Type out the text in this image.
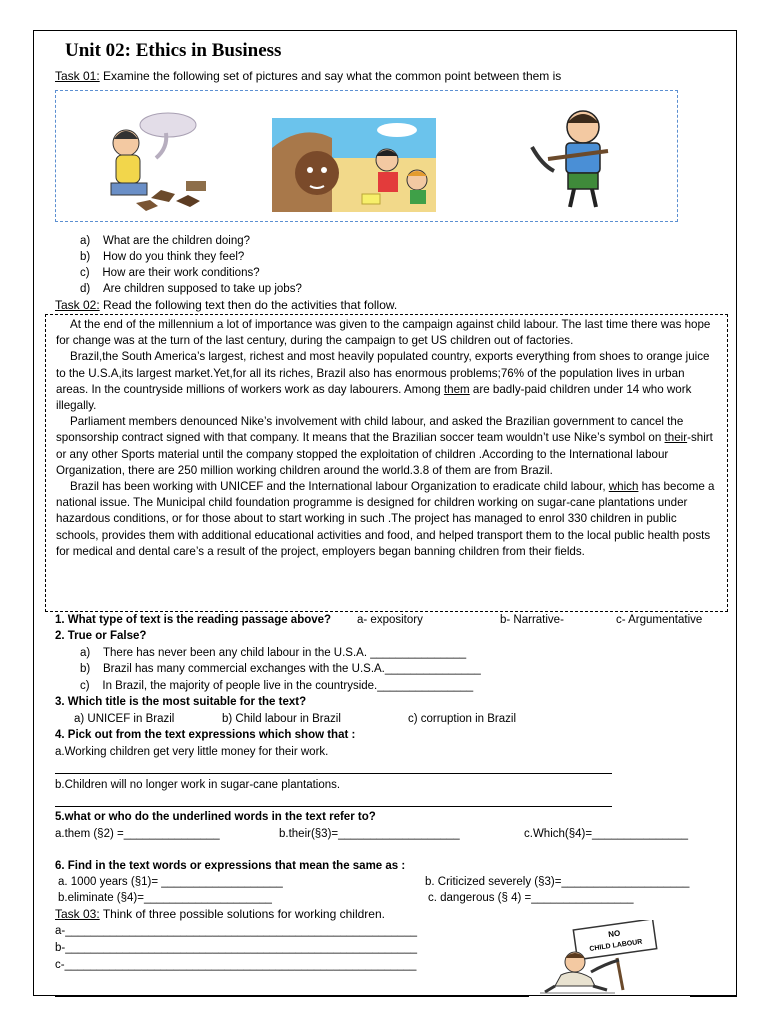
Unit 02: Ethics in Business
Task 01: Examine the following set of pictures and say what the common point between them is
a) What are the children doing?
b) How do you think they feel?
c) How are their work conditions?
d) Are children supposed to take up jobs?
Task 02: Read the following text then do the activities that follow.

At the end of the millennium a lot of importance was given to the campaign against child labour. The last time there was hope for change was at the turn of the last century, during the campaign to get US children out of factories.

Brazil,the South America’s largest, richest and most heavily populated country, exports everything from shoes to orange juice to the U.S.A,its largest market.Yet,for all its riches, Brazil also has enormous problems;76% of the population lives in urban areas. In the countryside millions of workers work as day labourers. Among them are badly-paid children under 14 who work illegally.

Parliament members denounced Nike’s involvement with child labour, and asked the Brazilian government to cancel the sponsorship contract signed with that company. It means that the Brazilian soccer team wouldn’t use Nike’s symbol on their-shirt or any other Sports material until the company stopped the exploitation of children .According to the International labour Organization, there are 250 million working children around the world.3.8 of them are from Brazil.

Brazil has been working with UNICEF and the International labour Organization to eradicate child labour, which has become a national issue. The Municipal child foundation programme is designed for children working on sugar-cane plantations under hazardous conditions, or for those about to start working in such .The project has managed to enrol 330 children in public schools, provides them with additional educational activities and food, and helped transport them to the local public health posts for medical and dental care’s a result of the project, employers began banning children from their fields.

1. What type of text is the reading passage above? a- expository	b- Narrative-	c- Argumentative
2. True or False?
a) There has never been any child labour in the U.S.A. _______________
b) Brazil has many commercial exchanges with the U.S.A._______________
c) In Brazil, the majority of people live in the countryside._______________
3. Which title is the most suitable for the text?
a) UNICEF in Brazil	b) Child labour in Brazil	c) corruption in Brazil
4. Pick out from the text expressions which show that :
a.Working children get very little money for their work.
b.Children will no longer work in sugar-cane plantations.
5.what or who do the underlined words in the text refer to?
a.them (§2) =_______________	b.their(§3)=___________________	c.Which(§4)=_______________
6. Find in the text words or expressions that mean the same as :
a. 1000 years (§1)= ___________________	b. Criticized severely (§3)=____________________
b.eliminate (§4)=____________________	c. dangerous (§ 4) =________________
Task 03: Think of three possible solutions for working children.
a-_______________________________________________________
b-_______________________________________________________
c-_______________________________________________________
NO
CHILD LABOUR
